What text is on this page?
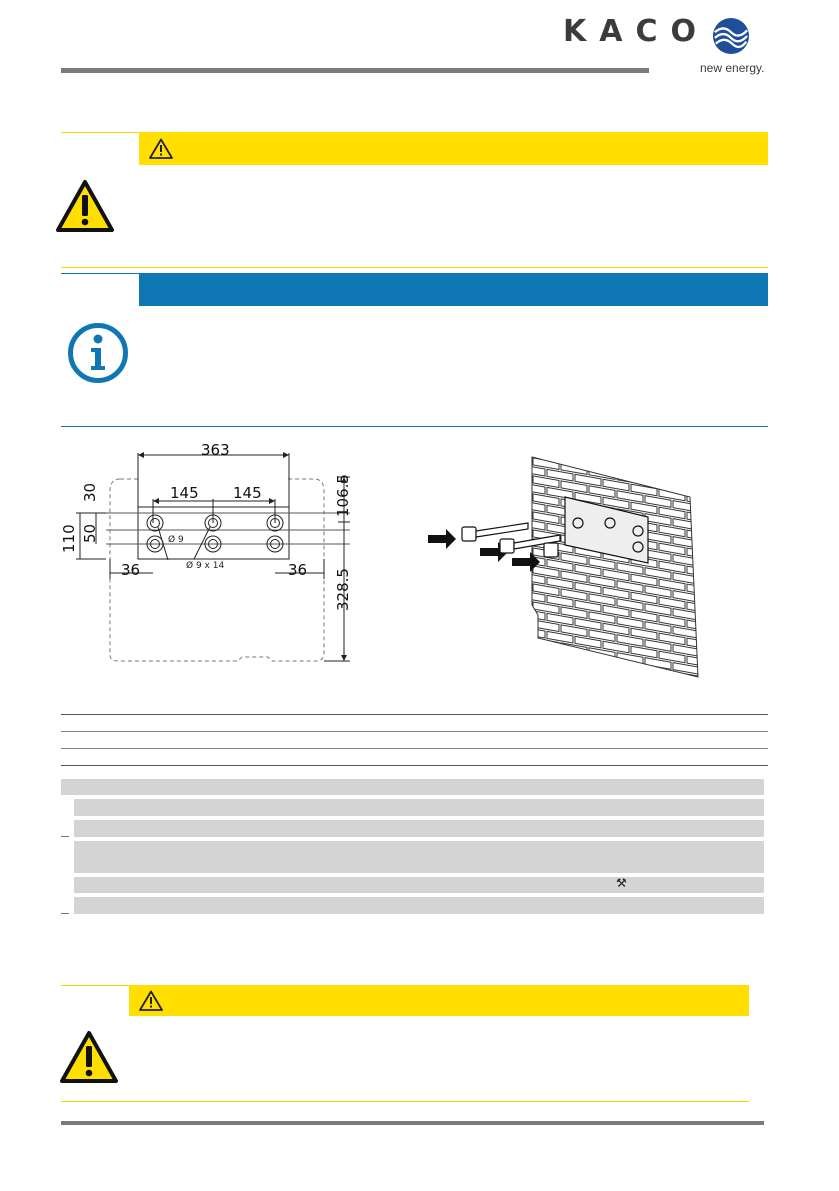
KACO
new energy.
363
145 145
36	36
30
50
110
106.5
328.5
Ø 9
Ø 9 x 14
⚒
